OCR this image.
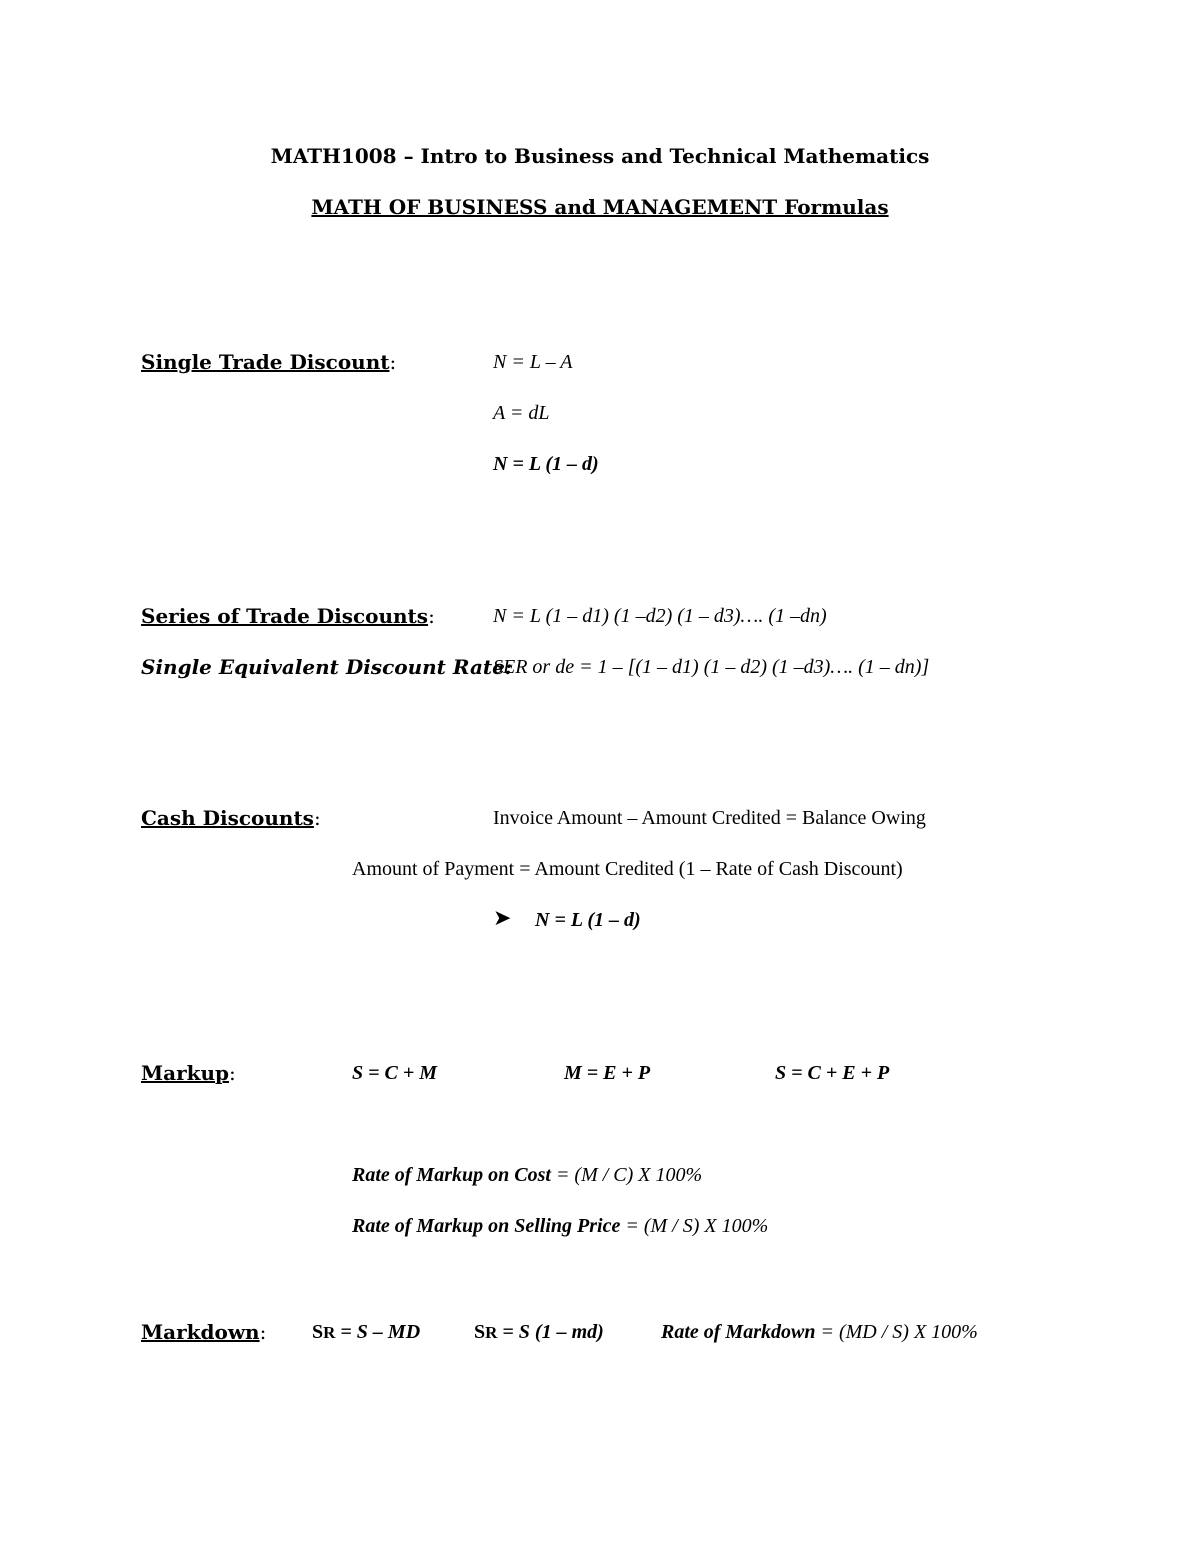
MATH1008 – Intro to Business and Technical Mathematics
MATH OF BUSINESS and MANAGEMENT Formulas
Single Trade Discount:	N = L – A
A = dL
N = L (1 – d)
Series of Trade Discounts:	N = L (1 – d1) (1 –d2) (1 – d3)…. (1 –dn)
Single Equivalent Discount Rate:
SER or de = 1 – [(1 – d1) (1 – d2) (1 –d3)…. (1 – dn)]
Cash Discounts:	Invoice Amount – Amount Credited = Balance Owing
Amount of Payment = Amount Credited (1 – Rate of Cash Discount)
➤ N = L (1 – d)
Markup:	S = C + M	M = E + P	S = C + E + P
Rate of Markup on Cost = (M / C) X 100%
Rate of Markup on Selling Price = (M / S) X 100%
Markdown: SR = S – MD	SR = S (1 – md)	Rate of Markdown = (MD / S) X 100%
